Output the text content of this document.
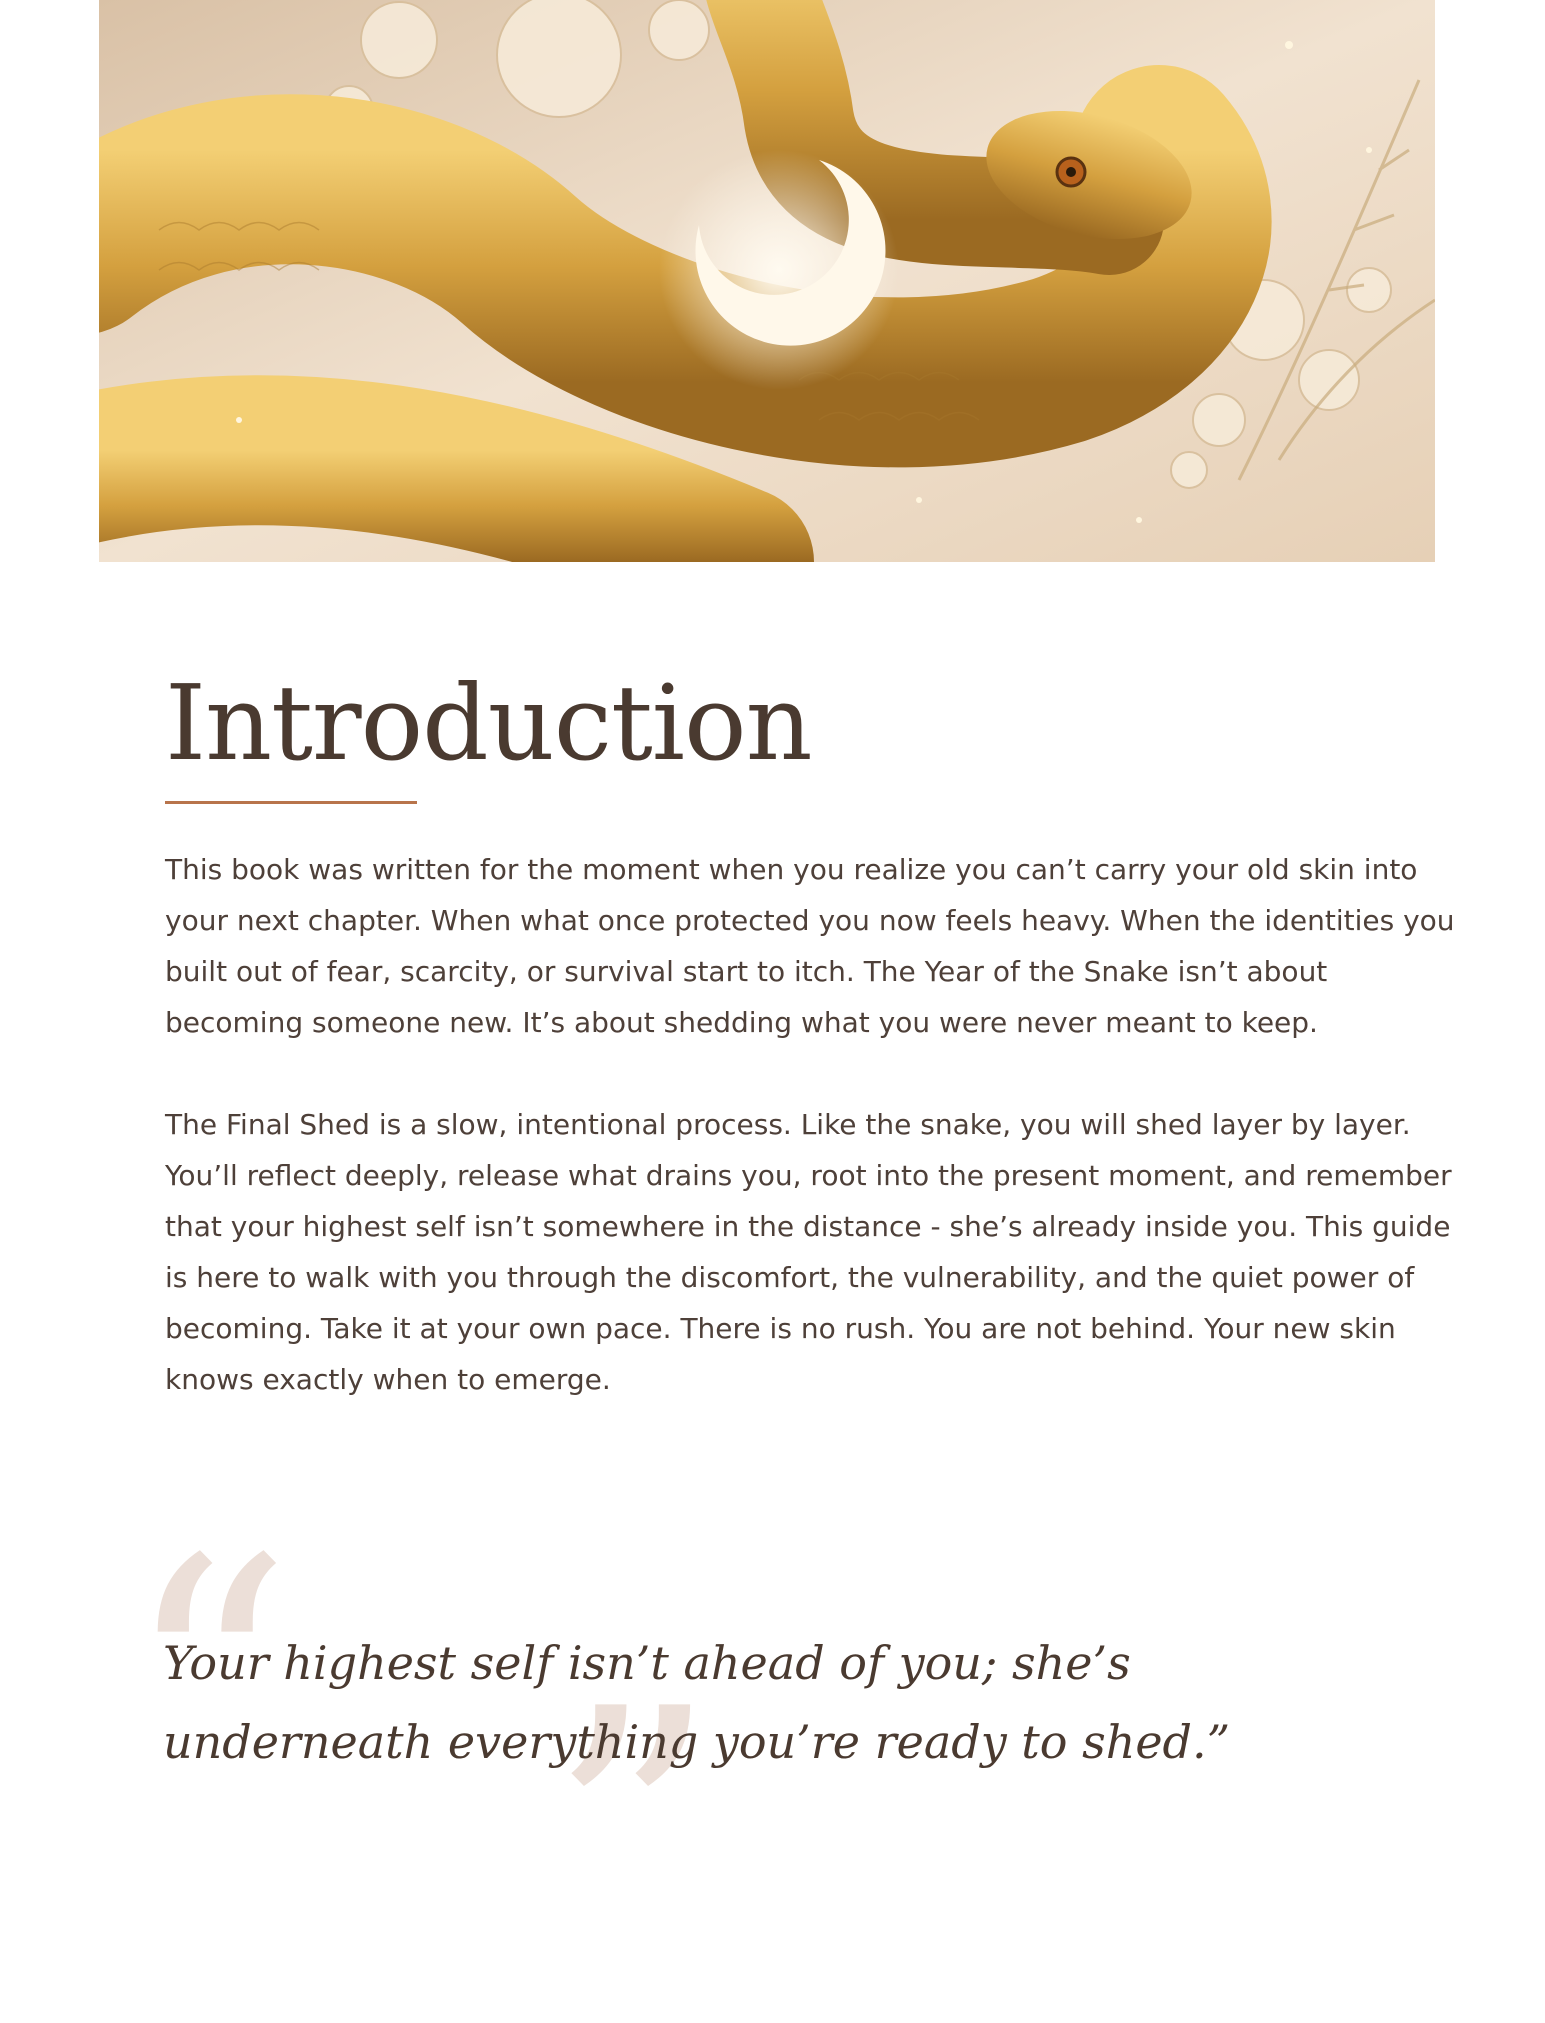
Introduction

This book was written for the moment when you realize you can’t carry your old skin into your next chapter. When what once protected you now feels heavy. When the identities you built out of fear, scarcity, or survival start to itch. The Year of the Snake isn’t about becoming someone new. It’s about shedding what you were never meant to keep.

The Final Shed is a slow, intentional process. Like the snake, you will shed layer by layer. You’ll reflect deeply, release what drains you, root into the present moment, and remember that your highest self isn’t somewhere in the distance - she’s already inside you. This guide is here to walk with you through the discomfort, the vulnerability, and the quiet power of becoming. Take it at your own pace. There is no rush. You are not behind. Your new skin knows exactly when to emerge.

“

Your highest self isn’t ahead of you; she’s underneath everything you’re ready to shed.”

”
